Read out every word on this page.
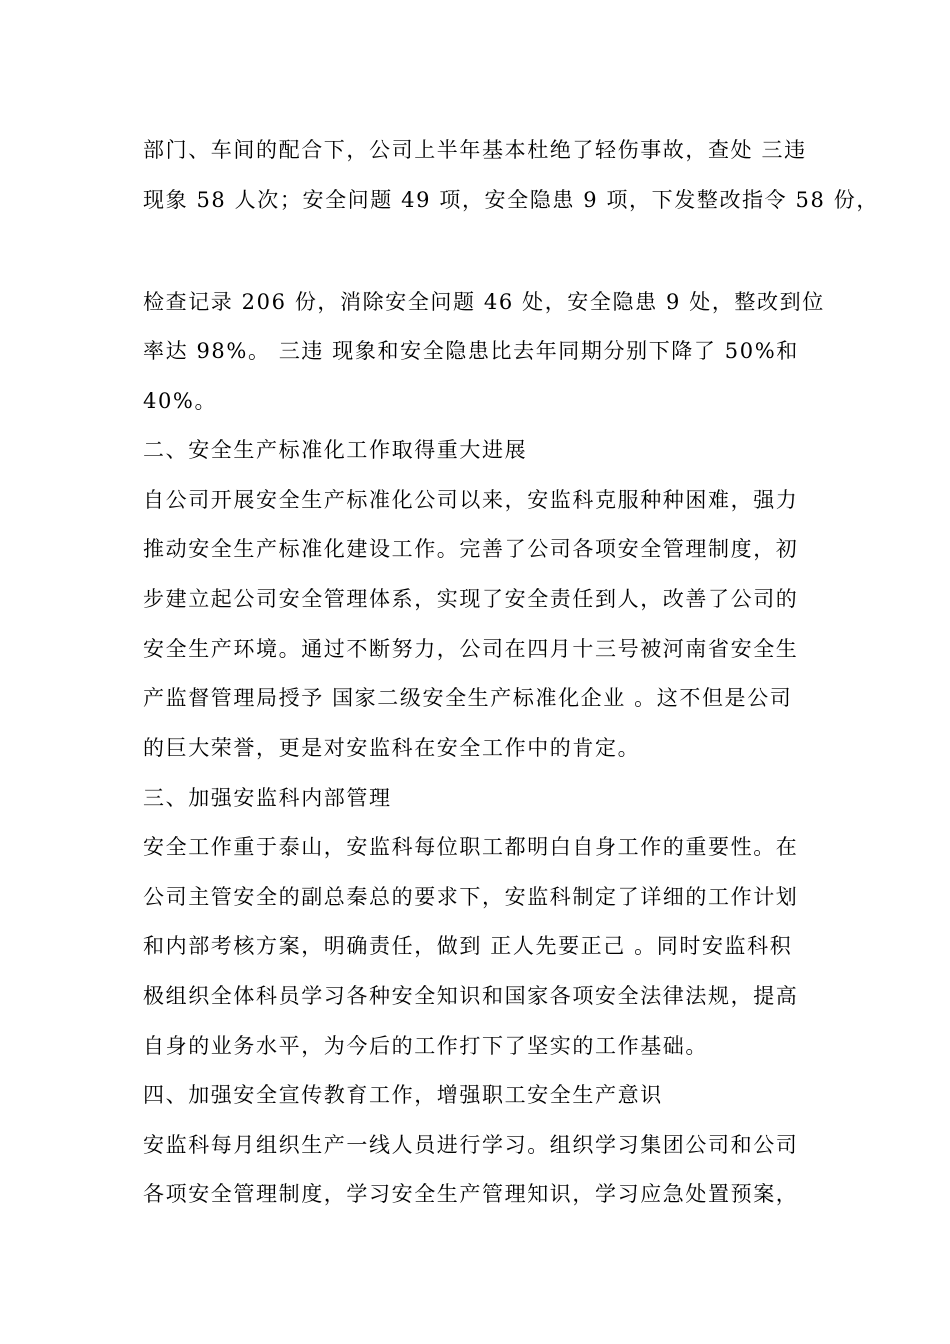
部门、车间的配合下，公司上半年基本杜绝了轻伤事故，查处 三违
现象 58 人次；安全问题 49 项，安全隐患 9 项，下发整改指令 58 份，
检查记录 206 份，消除安全问题 46 处，安全隐患 9 处，整改到位
率达 98%。 三违 现象和安全隐患比去年同期分别下降了 50%和
40%。
二、安全生产标准化工作取得重大进展
自公司开展安全生产标准化公司以来，安监科克服种种困难，强力
推动安全生产标准化建设工作。完善了公司各项安全管理制度，初
步建立起公司安全管理体系，实现了安全责任到人，改善了公司的
安全生产环境。通过不断努力，公司在四月十三号被河南省安全生
产监督管理局授予 国家二级安全生产标准化企业 。这不但是公司
的巨大荣誉，更是对安监科在安全工作中的肯定。
三、加强安监科内部管理
安全工作重于泰山，安监科每位职工都明白自身工作的重要性。在
公司主管安全的副总秦总的要求下，安监科制定了详细的工作计划
和内部考核方案，明确责任，做到 正人先要正己 。同时安监科积
极组织全体科员学习各种安全知识和国家各项安全法律法规，提高
自身的业务水平，为今后的工作打下了坚实的工作基础。
四、加强安全宣传教育工作，增强职工安全生产意识
安监科每月组织生产一线人员进行学习。组织学习集团公司和公司
各项安全管理制度，学习安全生产管理知识，学习应急处置预案，
